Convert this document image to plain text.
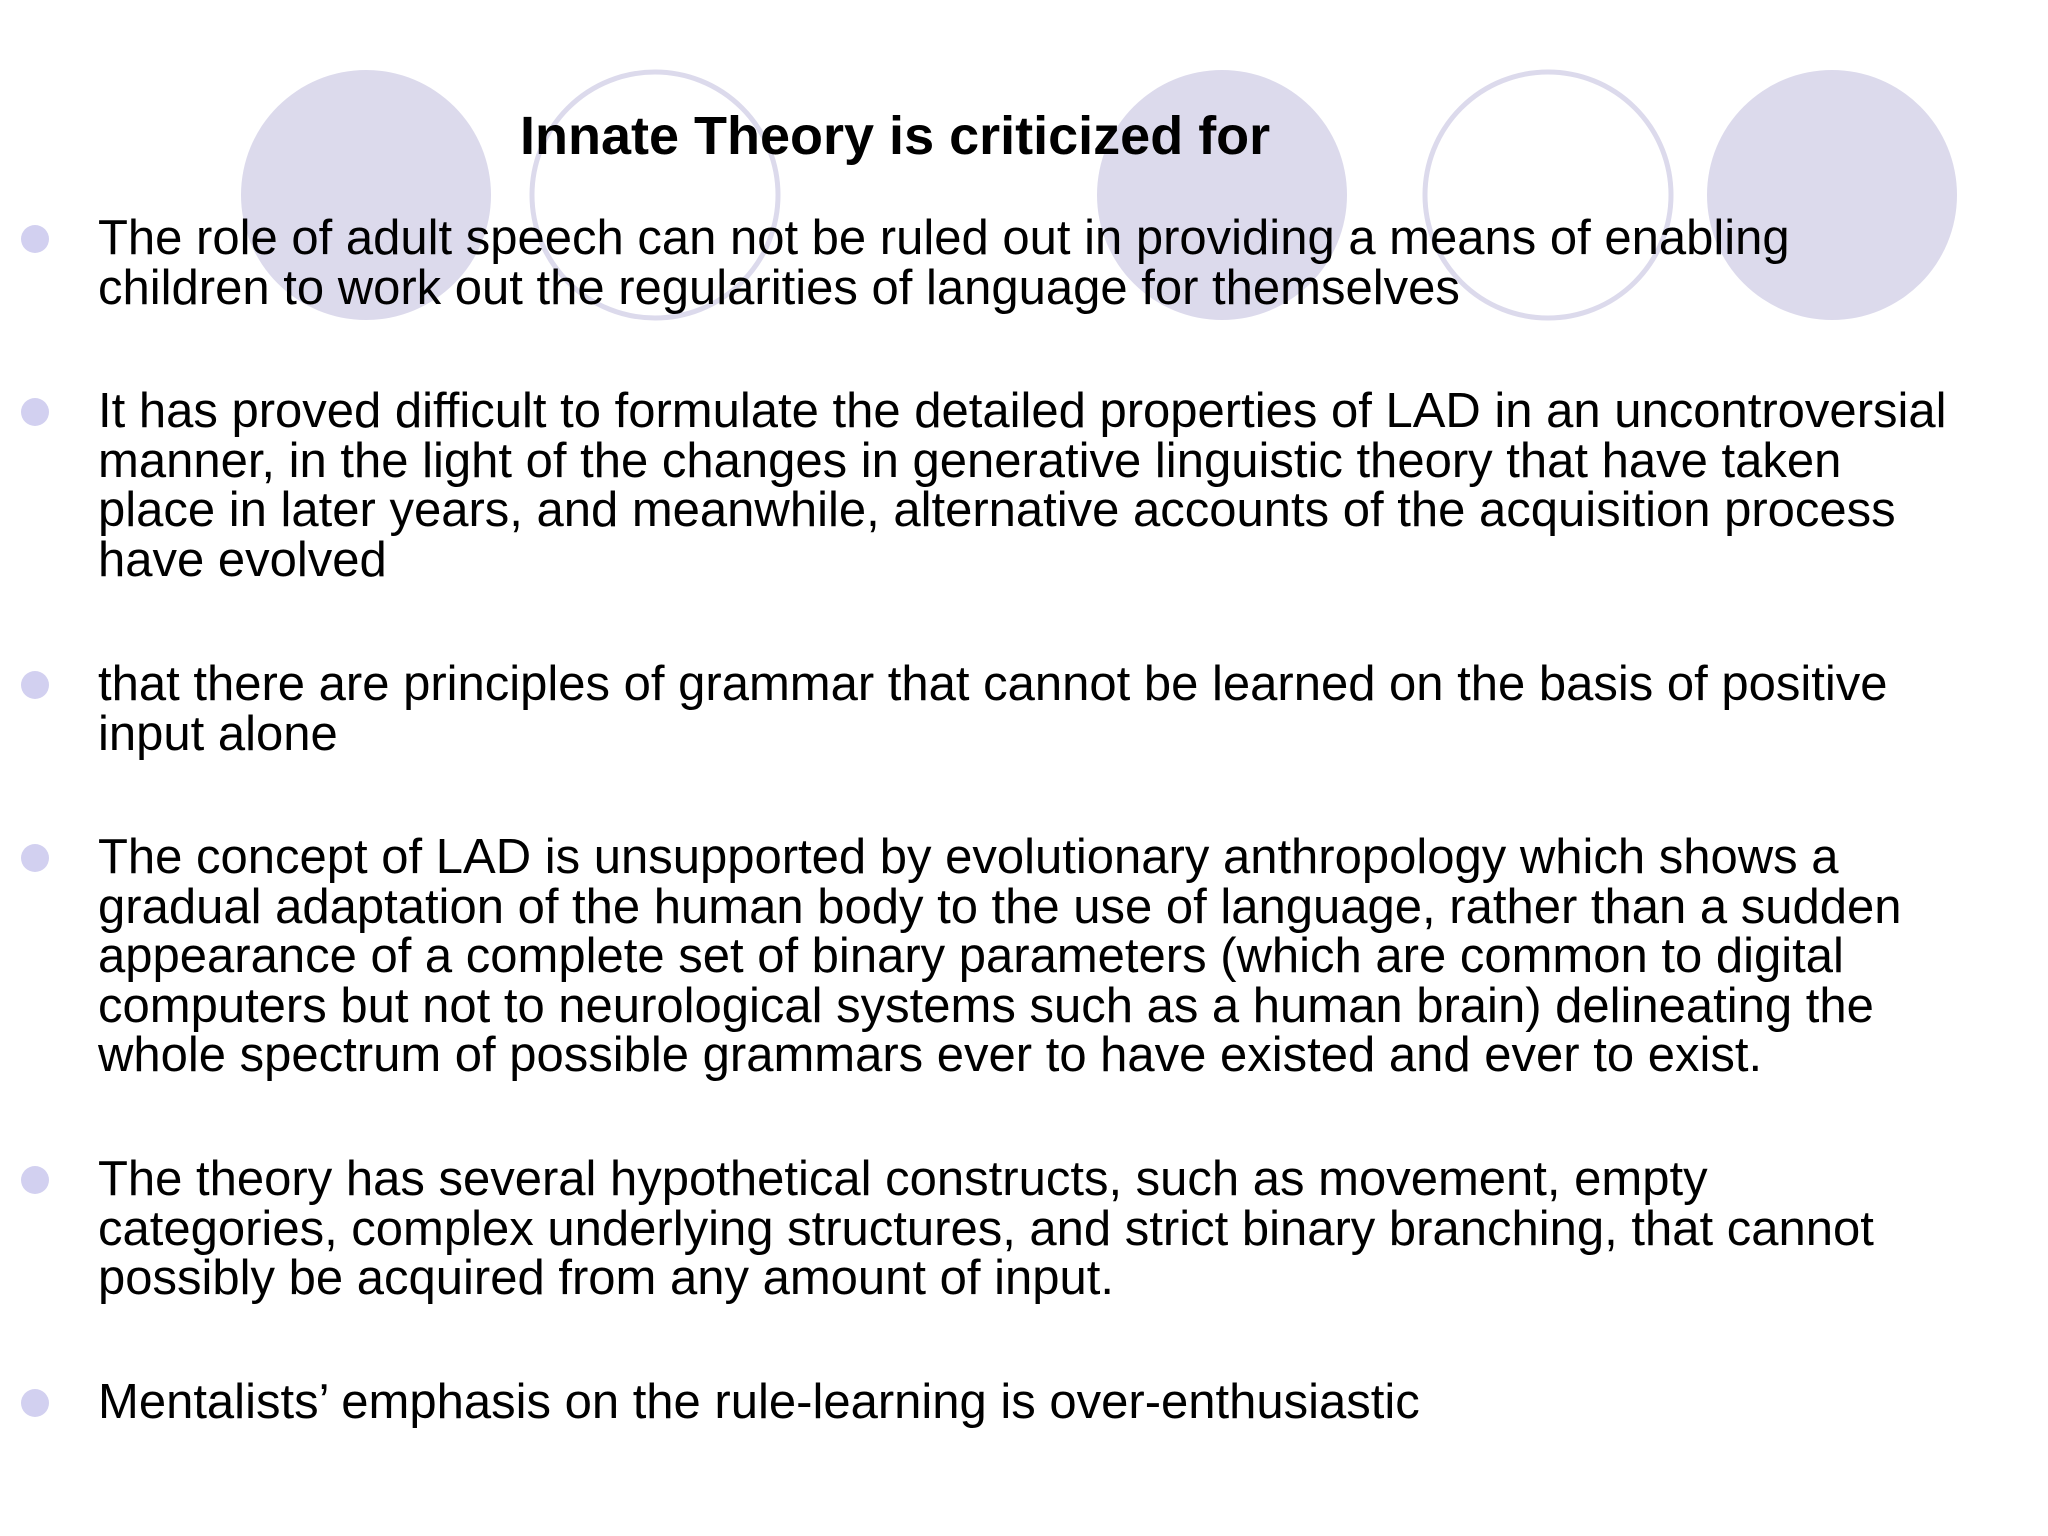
Innate Theory is criticized for
The role of adult speech can not be ruled out in providing a means of enabling
children to work out the regularities of language for themselves
It has proved difficult to formulate the detailed properties of LAD in an uncontroversial
manner, in the light of the changes in generative linguistic theory that have taken
place in later years, and meanwhile, alternative accounts of the acquisition process
have evolved
that there are principles of grammar that cannot be learned on the basis of positive
input alone
The concept of LAD is unsupported by evolutionary anthropology which shows a
gradual adaptation of the human body to the use of language, rather than a sudden
appearance of a complete set of binary parameters (which are common to digital
computers but not to neurological systems such as a human brain) delineating the
whole spectrum of possible grammars ever to have existed and ever to exist.
The theory has several hypothetical constructs, such as movement, empty
categories, complex underlying structures, and strict binary branching, that cannot
possibly be acquired from any amount of input.
Mentalists’ emphasis on the rule-learning is over-enthusiastic
